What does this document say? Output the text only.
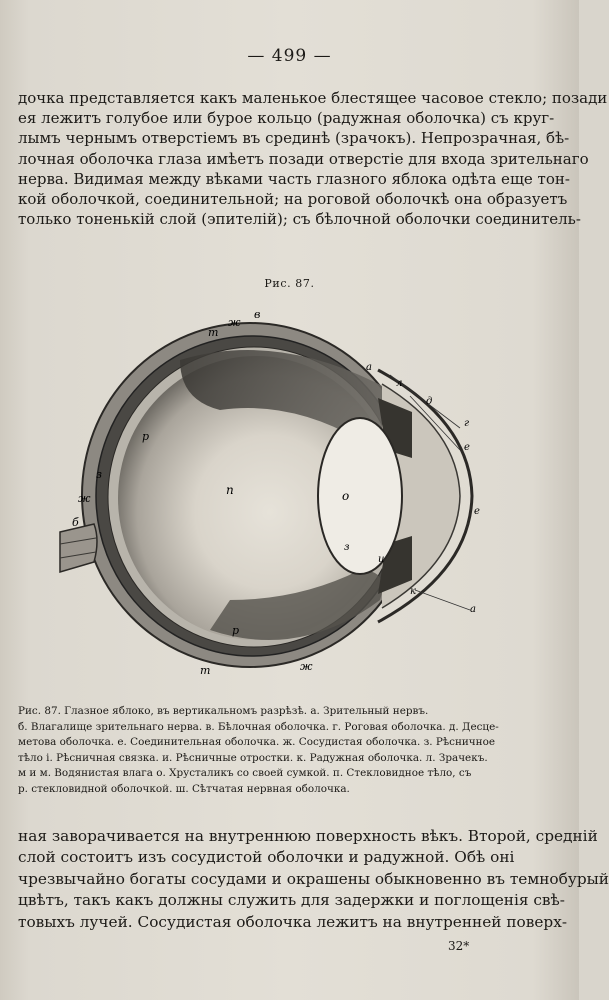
— 499 —

дочка представляется какъ маленькое блестящее часовое стекло; позади
ея лежитъ голубое или бурое кольцо (радужная оболочка) съ круг-
лымъ чернымъ отверстіемъ въ срединѣ (зрачокъ). Непрозрачная, бѣ-
лочная оболочка глаза имѣетъ позади отверстіе для входа зрительнаго
нерва. Видимая между вѣками часть глазного яблока одѣта еще тон-
кой оболочкой, соединительной; на роговой оболочкѣ она образуетъ
только тоненькій слой (эпителій); съ бѣлочной оболочки соединитель-

Рис. 87.
т
ж
в
р
з
ж
б
п	о
а
л
д
г
е
е
з
и
к
а
р
т	ж

Рис. 87. Глазное яблоко, въ вертикальномъ разрѣзѣ. а. Зрительный нервъ.
б. Влагалище зрительнаго нерва. в. Бѣлочная оболочка. г. Роговая оболочка. д. Десце-
метова оболочка. е. Соединительная оболочка. ж. Сосудистая оболочка. з. Рѣсничное
тѣло і. Рѣсничная связка. и. Рѣсничные отростки. к. Радужная оболочка. л. Зрачекъ.
м и м. Водянистая влага о. Хрусталикъ со своей сумкой. п. Стекловидное тѣло, съ
р. стекловидной оболочкой. ш. Сѣтчатая нервная оболочка.

ная заворачивается на внутреннюю поверхность вѣкъ. Второй, средній
слой состоитъ изъ сосудистой оболочки и радужной. Обѣ оні
чрезвычайно богаты сосудами и окрашены обыкновенно въ темнобурый
цвѣтъ, такъ какъ должны служить для задержки и поглощенія свѣ-
товыхъ лучей. Сосудистая оболочка лежитъ на внутренней поверх-

32*
